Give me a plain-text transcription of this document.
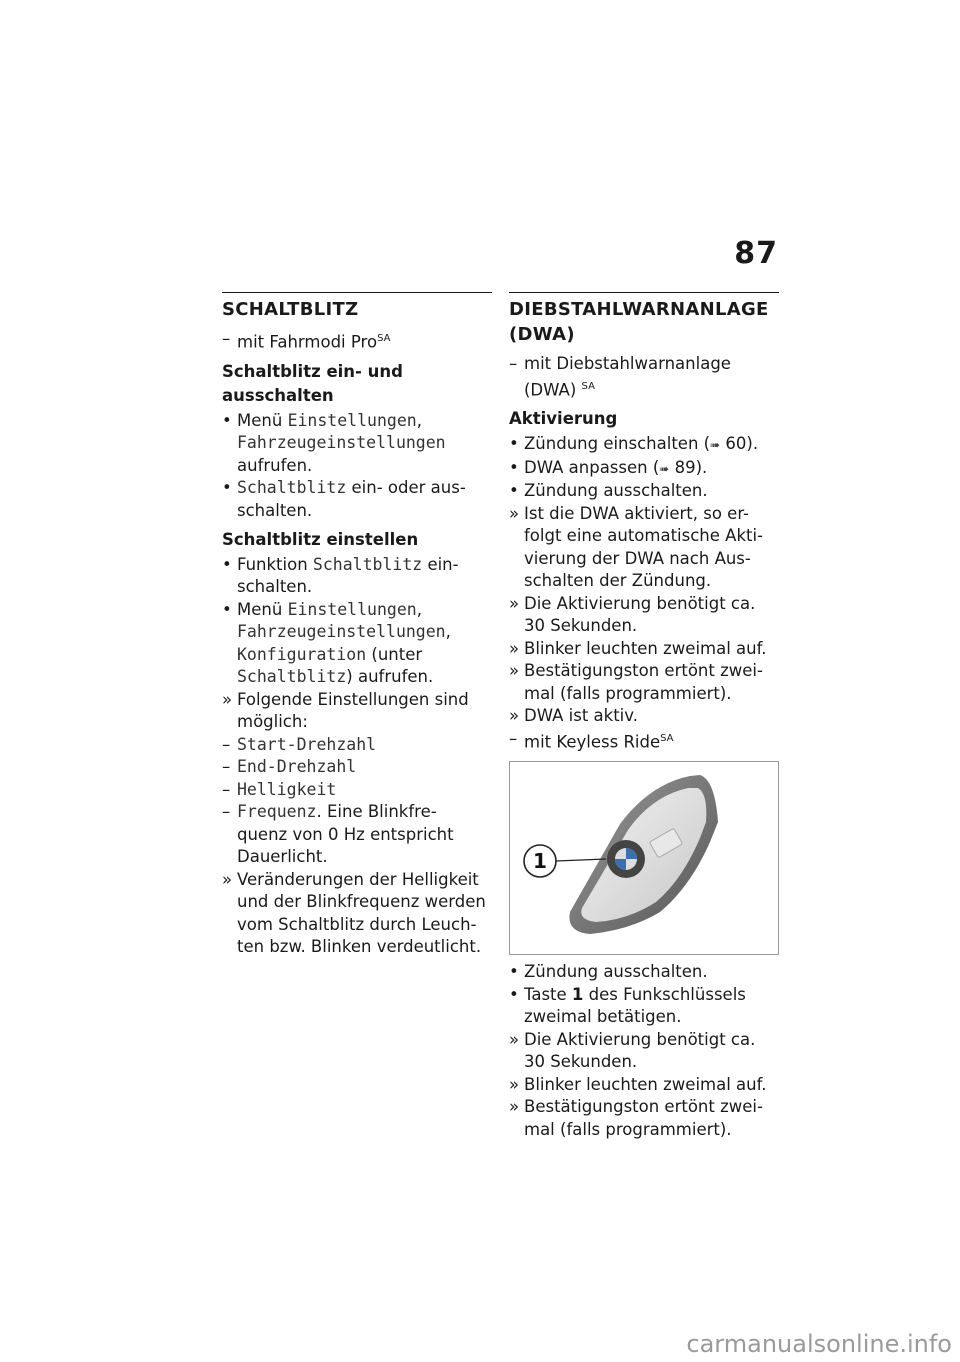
87
SCHALTBLITZ
– mit Fahrmodi Pro$^{SA}$
Schaltblitz ein- und ausschalten
• Menü Einstellungen,
Fahrzeugeinstellungen
aufrufen.
• Schaltblitz ein- oder aus-
schalten.
Schaltblitz einstellen
• Funktion Schaltblitz ein-
schalten.
• Menü Einstellungen,
Fahrzeugeinstellungen,
Konfiguration (unter
Schaltblitz) aufrufen.
» Folgende Einstellungen sind
möglich:
– Start-Drehzahl
– End-Drehzahl
– Helligkeit
– Frequenz. Eine Blinkfre-
quenz von 0 Hz entspricht
Dauerlicht.
» Veränderungen der Helligkeit
und der Blinkfrequenz werden
vom Schaltblitz durch Leuch-
ten bzw. Blinken verdeutlicht.
DIEBSTAHLWARNANLAGE
(DWA)
– mit Diebstahlwarnanlage
(DWA) $^{SA}$
Aktivierung
• Zündung einschalten (➠ 60).
• DWA anpassen (➠ 89).
• Zündung ausschalten.
» Ist die DWA aktiviert, so er-
folgt eine automatische Akti-
vierung der DWA nach Aus-
schalten der Zündung.
» Die Aktivierung benötigt ca.
30 Sekunden.
» Blinker leuchten zweimal auf.
» Bestätigungston ertönt zwei-
mal (falls programmiert).
» DWA ist aktiv.
– mit Keyless Ride$^{SA}$
1
• Zündung ausschalten.
• Taste 1 des Funkschlüssels
zweimal betätigen.
» Die Aktivierung benötigt ca.
30 Sekunden.
» Blinker leuchten zweimal auf.
» Bestätigungston ertönt zwei-
mal (falls programmiert).
carmanualsonline.info
